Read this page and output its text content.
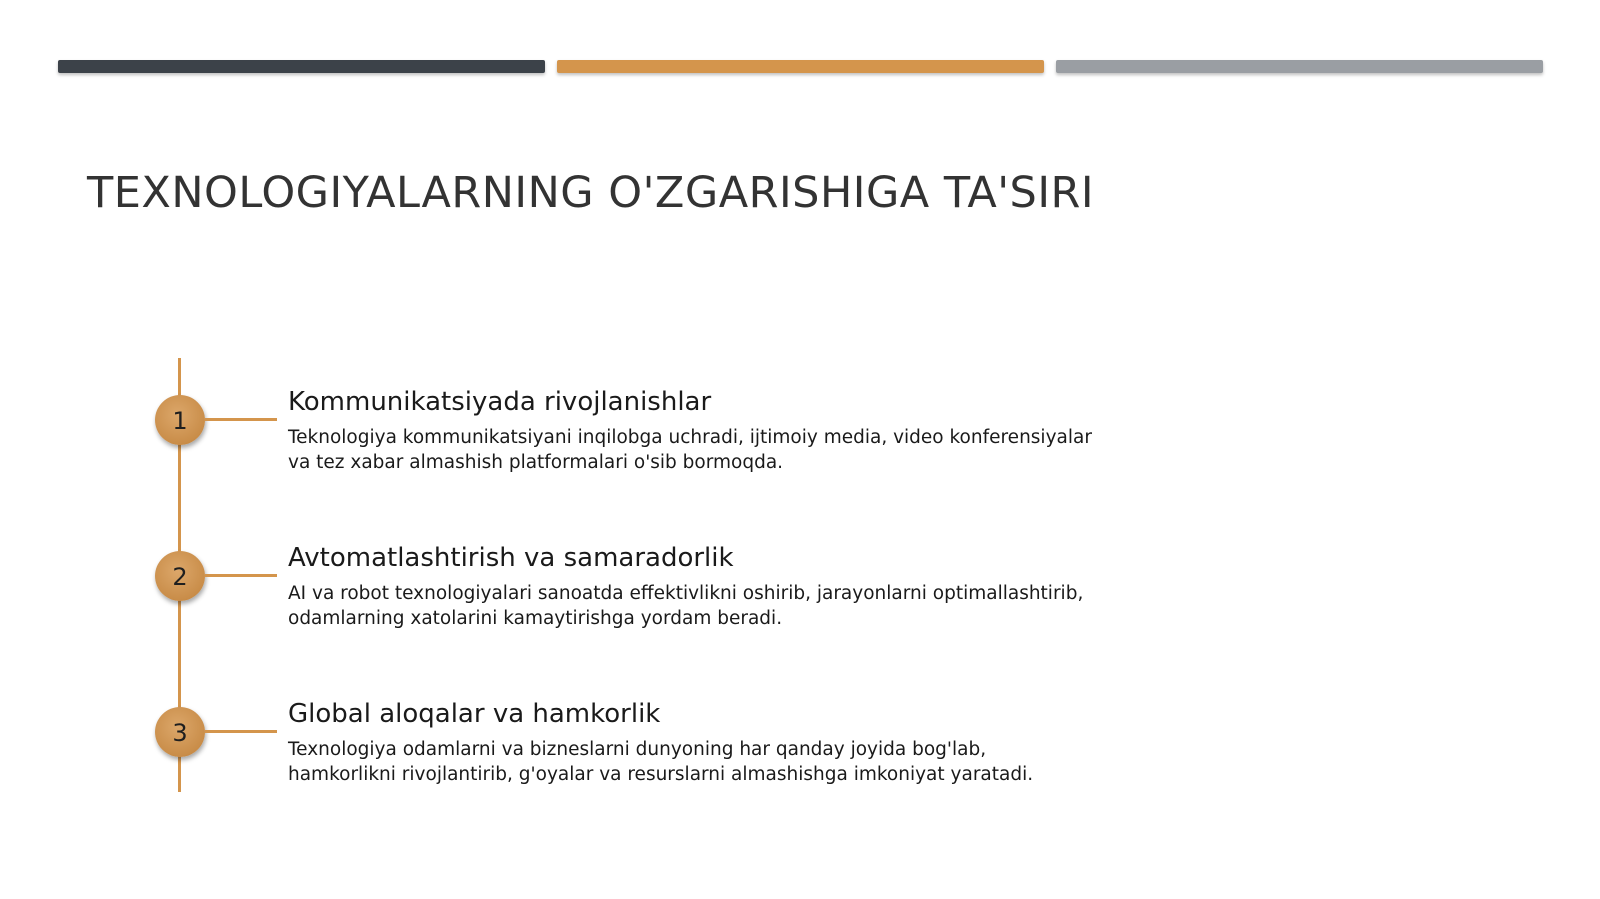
TEXNOLOGIYALARNING O'ZGARISHIGA TA'SIRI
1
Kommunikatsiyada rivojlanishlar
Teknologiya kommunikatsiyani inqilobga uchradi, ijtimoiy media, video konferensiyalar
va tez xabar almashish platformalari o'sib bormoqda.
2
Avtomatlashtirish va samaradorlik
AI va robot texnologiyalari sanoatda effektivlikni oshirib, jarayonlarni optimallashtirib,
odamlarning xatolarini kamaytirishga yordam beradi.
3
Global aloqalar va hamkorlik
Texnologiya odamlarni va bizneslarni dunyoning har qanday joyida bog'lab,
hamkorlikni rivojlantirib, g'oyalar va resurslarni almashishga imkoniyat yaratadi.
